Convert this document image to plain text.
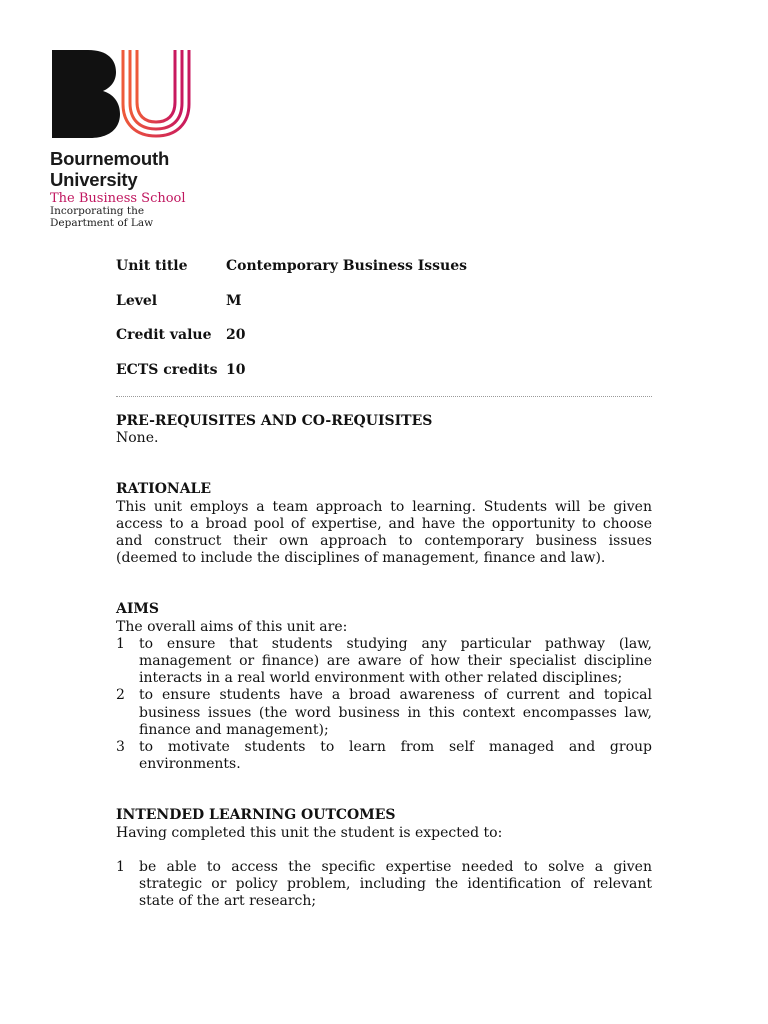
Bournemouth
University
The Business School
Incorporating the
Department of Law
Unit title	Contemporary Business Issues
Level	M
Credit value	20
ECTS credits 10
PRE-REQUISITES AND CO-REQUISITES
None.
RATIONALE
This unit employs a team approach to learning. Students will be given access to a broad pool of expertise, and have the opportunity to choose and construct their own approach to contemporary business issues (deemed to include the disciplines of management, finance and law).
AIMS
The overall aims of this unit are:
1	to ensure that students studying any particular pathway (law, management or finance) are aware of how their specialist discipline interacts in a real world environment with other related disciplines;
2	to ensure students have a broad awareness of current and topical business issues (the word business in this context encompasses law, finance and management);
3	to motivate students to learn from self managed and group environments.
INTENDED LEARNING OUTCOMES
Having completed this unit the student is expected to:
1	be able to access the specific expertise needed to solve a given strategic or policy problem, including the identification of relevant state of the art research;
